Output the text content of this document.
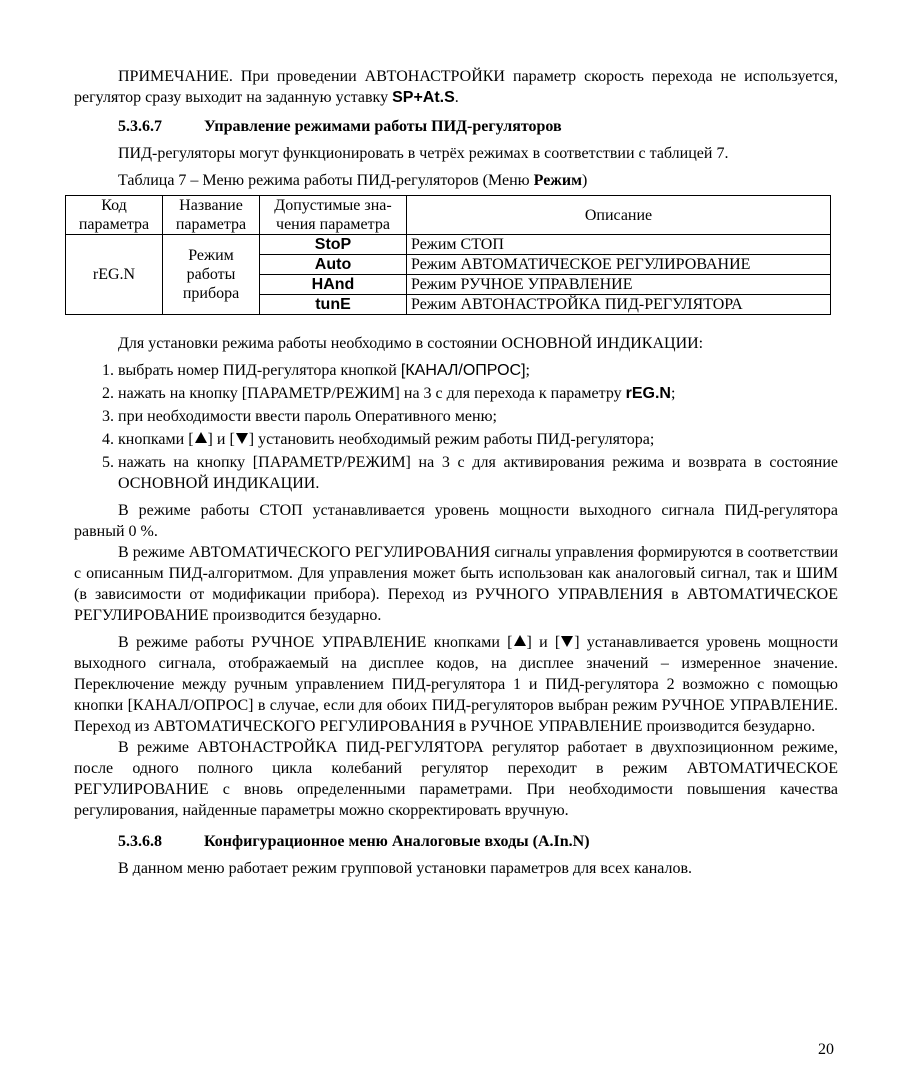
ПРИМЕЧАНИЕ. При проведении АВТОНАСТРОЙКИ параметр скорость перехода не используется, регулятор сразу выходит на заданную уставку SP+At.S.

5.3.6.7	Управление режимами работы ПИД-регуляторов

ПИД-регуляторы могут функционировать в четрёх режимах в соответствии с таблицей 7.

Таблица 7 – Меню режима работы ПИД-регуляторов (Меню Режим)

Код параметра	Название параметра	Допустимые значения параметра	Описание
rEG.N	Режим работы прибора	StoP	Режим СТОП
		Auto	Режим АВТОМАТИЧЕСКОЕ РЕГУЛИРОВАНИЕ
		HAnd	Режим РУЧНОЕ УПРАВЛЕНИЕ
		tunE	Режим АВТОНАСТРОЙКА ПИД-РЕГУЛЯТОРА

Для установки режима работы необходимо в состоянии ОСНОВНОЙ ИНДИКАЦИИ:

1. выбрать номер ПИД-регулятора кнопкой [КАНАЛ/ОПРОС];
2. нажать на кнопку [ПАРАМЕТР/РЕЖИМ] на 3 с для перехода к параметру rEG.N;
3. при необходимости ввести пароль Оперативного меню;
4. кнопками [ ] и [ ] установить необходимый режим работы ПИД-регулятора;
5. нажать на кнопку [ПАРАМЕТР/РЕЖИМ] на 3 с для активирования режима и возврата в состояние ОСНОВНОЙ ИНДИКАЦИИ.

В режиме работы СТОП устанавливается уровень мощности выходного сигнала ПИД-регулятора равный 0 %.

В режиме АВТОМАТИЧЕСКОГО РЕГУЛИРОВАНИЯ сигналы управления формируются в соответствии с описанным ПИД-алгоритмом. Для управления может быть использован как аналоговый сигнал, так и ШИМ (в зависимости от модификации прибора). Переход из РУЧНОГО УПРАВЛЕНИЯ в АВТОМАТИЧЕСКОЕ РЕГУЛИРОВАНИЕ производится безударно.

В режиме работы РУЧНОЕ УПРАВЛЕНИЕ кнопками [ ] и [ ] устанавливается уровень мощности выходного сигнала, отображаемый на дисплее кодов, на дисплее значений – измеренное значение. Переключение между ручным управлением ПИД-регулятора 1 и ПИД-регулятора 2 возможно с помощью кнопки [КАНАЛ/ОПРОС] в случае, если для обоих ПИД-регуляторов выбран режим РУЧНОЕ УПРАВЛЕНИЕ. Переход из АВТОМАТИЧЕСКОГО РЕГУЛИРОВАНИЯ в РУЧНОЕ УПРАВЛЕНИЕ производится безударно.

В режиме АВТОНАСТРОЙКА ПИД-РЕГУЛЯТОРА регулятор работает в двухпозиционном режиме, после одного полного цикла колебаний регулятор переходит в режим АВТОМАТИЧЕСКОЕ РЕГУЛИРОВАНИЕ с вновь определенными параметрами. При необходимости повышения качества регулирования, найденные параметры можно скорректировать вручную.

5.3.6.8	Конфигурационное меню Аналоговые входы (A.In.N)

В данном меню работает режим групповой установки параметров для всех каналов.

20
